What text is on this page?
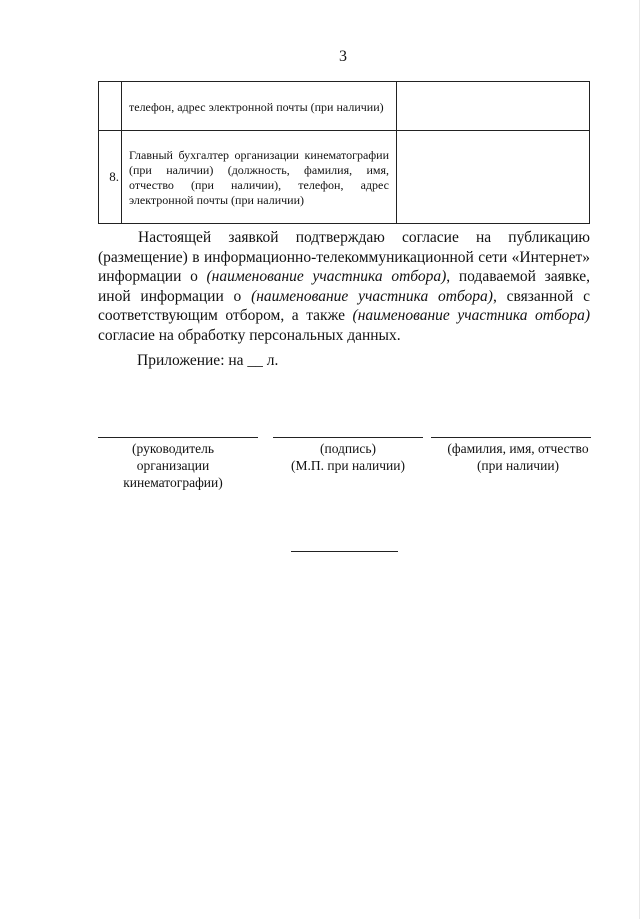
3
	телефон, адрес электронной почты (при наличии)	
8.	Главный бухгалтер организации кинематографии (при наличии) (должность, фамилия, имя, отчество (при наличии), телефон, адрес электронной почты (при наличии)	

Настоящей заявкой подтверждаю согласие на публикацию (размещение) в информационно-телекоммуникационной сети «Интернет» информации о (наименование участника отбора), подаваемой заявке, иной информации о (наименование участника отбора), связанной с соответствующим отбором, а также (наименование участника отбора) согласие на обработку персональных данных.

Приложение: на __ л.
(руководитель
организации
кинематографии)
(подпись)
(М.П. при наличии)
(фамилия, имя, отчество
(при наличии)
